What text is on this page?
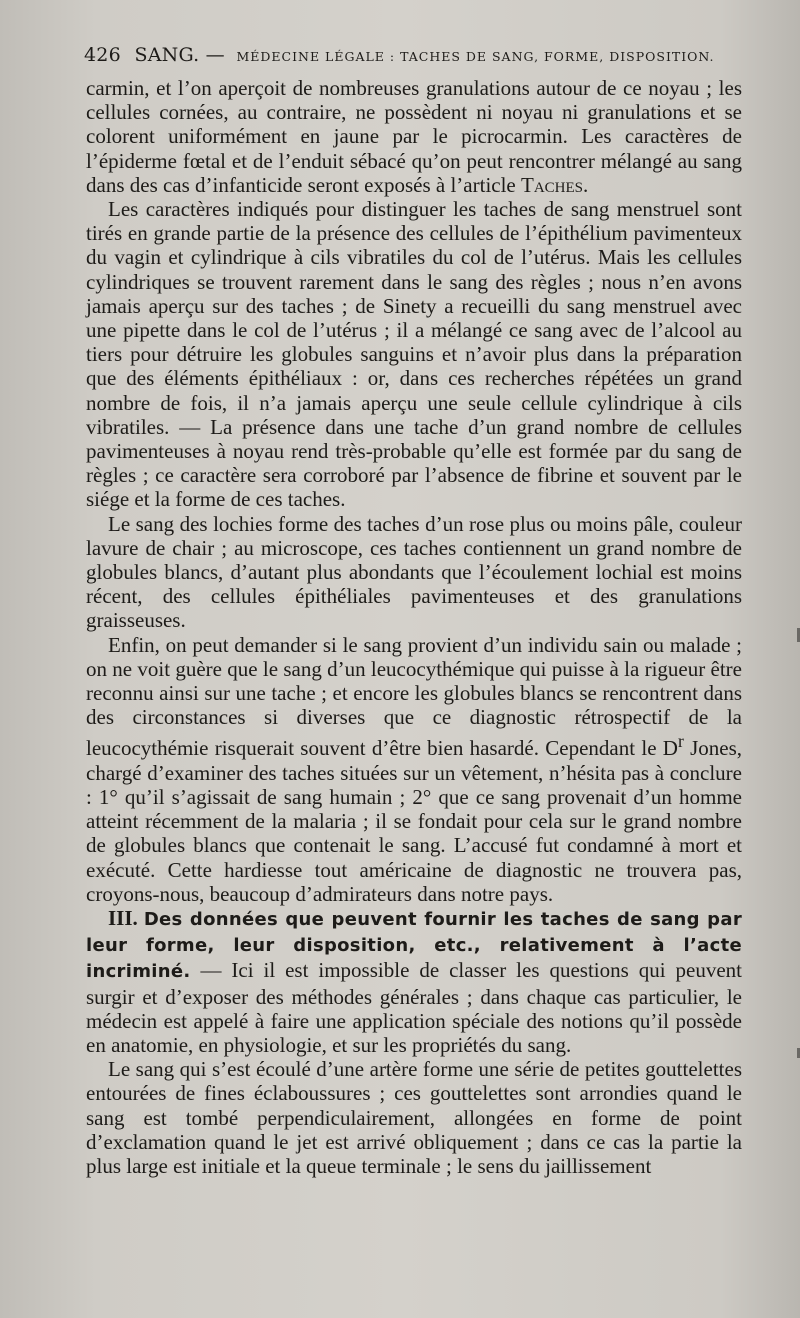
426 SANG. — MÉDECINE LÉGALE : TACHES DE SANG, FORME, DISPOSITION.

carmin, et l’on aperçoit de nombreuses granulations autour de ce noyau ; les cellules cornées, au contraire, ne possèdent ni noyau ni granulations et se colorent uniformément en jaune par le picrocarmin. Les caractères de l’épiderme fœtal et de l’enduit sébacé qu’on peut rencontrer mélangé au sang dans des cas d’infanticide seront exposés à l’article Taches.

Les caractères indiqués pour distinguer les taches de sang menstruel sont tirés en grande partie de la présence des cellules de l’épithélium pavimenteux du vagin et cylindrique à cils vibratiles du col de l’utérus. Mais les cellules cylindriques se trouvent rarement dans le sang des règles ; nous n’en avons jamais aperçu sur des taches ; de Sinety a recueilli du sang menstruel avec une pipette dans le col de l’utérus ; il a mélangé ce sang avec de l’alcool au tiers pour détruire les globules sanguins et n’avoir plus dans la préparation que des éléments épithéliaux : or, dans ces recherches répétées un grand nombre de fois, il n’a jamais aperçu une seule cellule cylindrique à cils vibratiles. — La présence dans une tache d’un grand nombre de cellules pavimenteuses à noyau rend très-probable qu’elle est formée par du sang de règles ; ce caractère sera corroboré par l’absence de fibrine et souvent par le siége et la forme de ces taches.

Le sang des lochies forme des taches d’un rose plus ou moins pâle, couleur lavure de chair ; au microscope, ces taches contiennent un grand nombre de globules blancs, d’autant plus abondants que l’écoulement lochial est moins récent, des cellules épithéliales pavimenteuses et des granulations graisseuses.

Enfin, on peut demander si le sang provient d’un individu sain ou malade ; on ne voit guère que le sang d’un leucocythémique qui puisse à la rigueur être reconnu ainsi sur une tache ; et encore les globules blancs se rencontrent dans des circonstances si diverses que ce diagnostic rétrospectif de la leucocythémie risquerait souvent d’être bien hasardé. Cependant le $D^r$ Jones, chargé d’examiner des taches situées sur un vêtement, n’hésita pas à conclure : 1° qu’il s’agissait de sang humain ; 2° que ce sang provenait d’un homme atteint récemment de la malaria ; il se fondait pour cela sur le grand nombre de globules blancs que contenait le sang. L’accusé fut condamné à mort et exécuté. Cette hardiesse tout américaine de diagnostic ne trouvera pas, croyons-nous, beaucoup d’admirateurs dans notre pays.

III. Des données que peuvent fournir les taches de sang par leur forme, leur disposition, etc., relativement à l’acte incriminé. — Ici il est impossible de classer les questions qui peuvent surgir et d’exposer des méthodes générales ; dans chaque cas particulier, le médecin est appelé à faire une application spéciale des notions qu’il possède en anatomie, en physiologie, et sur les propriétés du sang.

Le sang qui s’est écoulé d’une artère forme une série de petites gouttelettes entourées de fines éclaboussures ; ces gouttelettes sont arrondies quand le sang est tombé perpendiculairement, allongées en forme de point d’exclamation quand le jet est arrivé obliquement ; dans ce cas la partie la plus large est initiale et la queue terminale ; le sens du jaillissement
